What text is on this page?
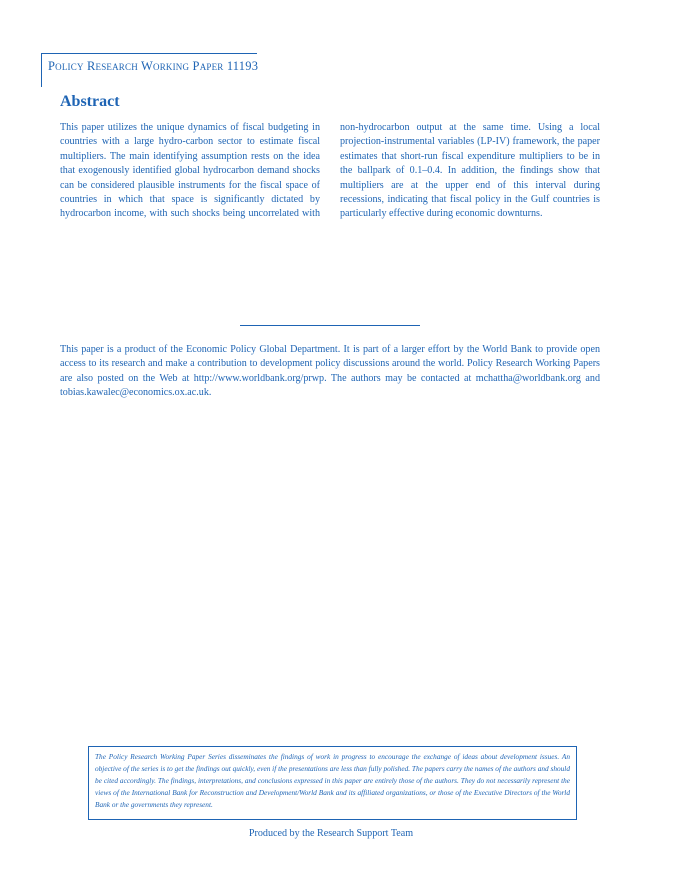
Policy Research Working Paper 11193
Abstract

This paper utilizes the unique dynamics of fiscal budgeting in countries with a large hydro-carbon sector to estimate fiscal multipliers. The main identifying assumption rests on the idea that exogenously identified global hydrocarbon demand shocks can be considered plausible instruments for the fiscal space of countries in which that space is significantly dictated by hydrocarbon income, with such shocks being uncorrelated with non-hydrocarbon output at the same time. Using a local projection-instrumental variables (LP-IV) framework, the paper estimates that short-run fiscal expenditure multipliers to be in the ballpark of 0.1–0.4. In addition, the findings show that multipliers are at the upper end of this interval during recessions, indicating that fiscal policy in the Gulf countries is particularly effective during economic downturns.

This paper is a product of the Economic Policy Global Department. It is part of a larger effort by the World Bank to provide open access to its research and make a contribution to development policy discussions around the world. Policy Research Working Papers are also posted on the Web at http://www.worldbank.org/prwp. The authors may be contacted at mchattha@worldbank.org and tobias.kawalec@economics.ox.ac.uk.

The Policy Research Working Paper Series disseminates the findings of work in progress to encourage the exchange of ideas about development issues. An objective of the series is to get the findings out quickly, even if the presentations are less than fully polished. The papers carry the names of the authors and should be cited accordingly. The findings, interpretations, and conclusions expressed in this paper are entirely those of the authors. They do not necessarily represent the views of the International Bank for Reconstruction and Development/World Bank and its affiliated organizations, or those of the Executive Directors of the World Bank or the governments they represent.

Produced by the Research Support Team
